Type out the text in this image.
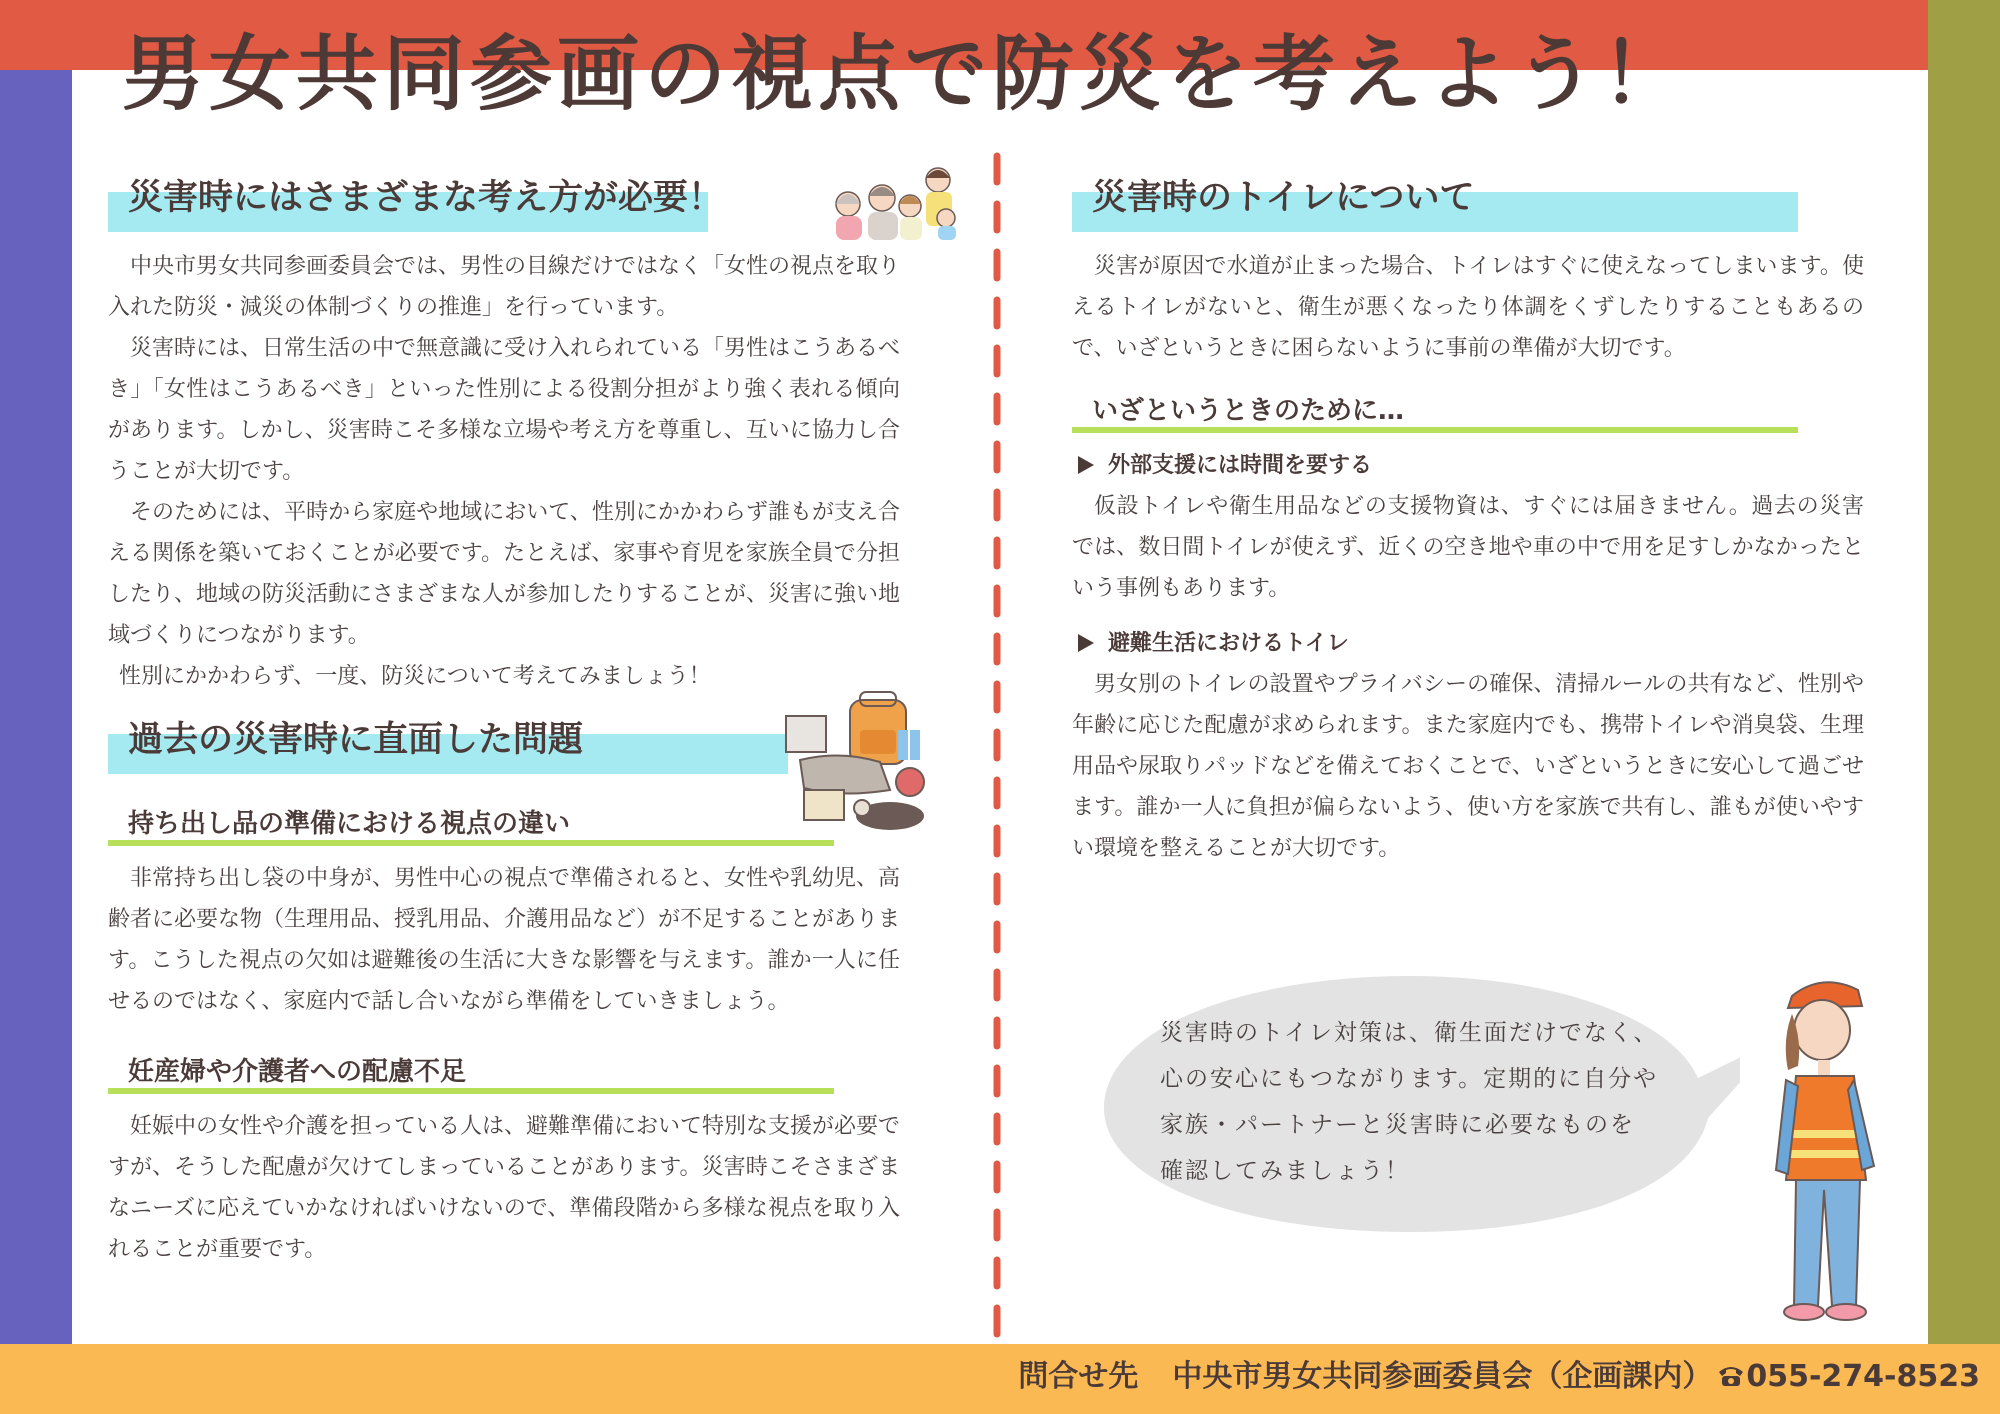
男女共同参画の視点で防災を考えよう！
災害時にはさまざまな考え方が必要！

中央市男女共同参画委員会では、男性の目線だけではなく「女性の視点を取り入れた防災・減災の体制づくりの推進」を行っています。

災害時には、日常生活の中で無意識に受け入れられている「男性はこうあるべき」「女性はこうあるべき」といった性別による役割分担がより強く表れる傾向があります。しかし、災害時こそ多様な立場や考え方を尊重し、互いに協力し合うことが大切です。

そのためには、平時から家庭や地域において、性別にかかわらず誰もが支え合える関係を築いておくことが必要です。たとえば、家事や育児を家族全員で分担したり、地域の防災活動にさまざまな人が参加したりすることが、災害に強い地域づくりにつながります。

性別にかかわらず、一度、防災について考えてみましょう！

過去の災害時に直面した問題
持ち出し品の準備における視点の違い

非常持ち出し袋の中身が、男性中心の視点で準備されると、女性や乳幼児、高齢者に必要な物（生理用品、授乳用品、介護用品など）が不足することがあります。こうした視点の欠如は避難後の生活に大きな影響を与えます。誰か一人に任せるのではなく、家庭内で話し合いながら準備をしていきましょう。

妊産婦や介護者への配慮不足

妊娠中の女性や介護を担っている人は、避難準備において特別な支援が必要ですが、そうした配慮が欠けてしまっていることがあります。災害時こそさまざまなニーズに応えていかなければいけないので、準備段階から多様な視点を取り入れることが重要です。

災害時のトイレについて

災害が原因で水道が止まった場合、トイレはすぐに使えなってしまいます。使えるトイレがないと、衛生が悪くなったり体調をくずしたりすることもあるので、いざというときに困らないように事前の準備が大切です。

いざというときのために…
外部支援には時間を要する

仮設トイレや衛生用品などの支援物資は、すぐには届きません。過去の災害では、数日間トイレが使えず、近くの空き地や車の中で用を足すしかなかったという事例もあります。

避難生活におけるトイレ

男女別のトイレの設置やプライバシーの確保、清掃ルールの共有など、性別や年齢に応じた配慮が求められます。また家庭内でも、携帯トイレや消臭袋、生理用品や尿取りパッドなどを備えておくことで、いざというときに安心して過ごせます。誰か一人に負担が偏らないよう、使い方を家族で共有し、誰もが使いやすい環境を整えることが大切です。

災害時のトイレ対策は、衛生面だけでなく、

心の安心にもつながります。定期的に自分や

家族・パートナーと災害時に必要なものを

確認してみましょう！

問合せ先 中央市男女共同参画委員会（企画課内） 055-274-8523
